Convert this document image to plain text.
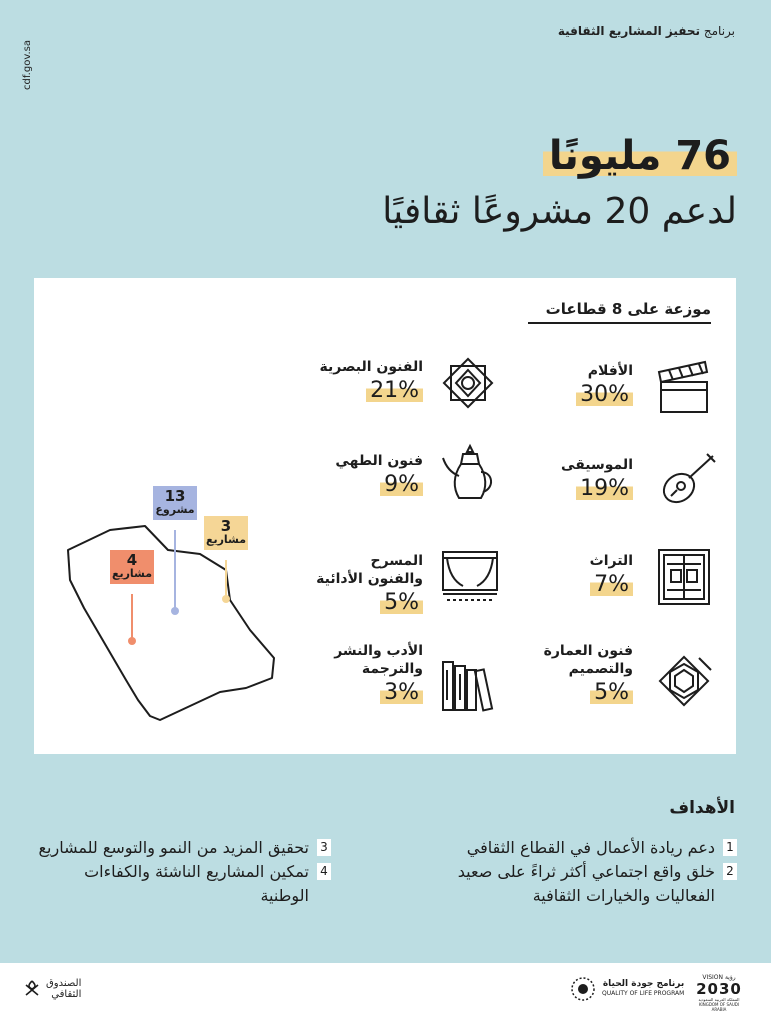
برنامج تحفيز المشاريع الثقافية
cdf.gov.sa
76 مليونًا
لدعم 20 مشروعًا ثقافيًا
موزعة على 8 قطاعات
الأفلام
30%
الفنون البصرية
21%
الموسيقى
19%
فنون الطهي
9%
التراث
7%
المسرح
والفنون الأدائية
5%
فنون العمارة
والتصميم
5%
الأدب والنشر
والترجمة
3%
13
مشروع
3
مشاريع
4
مشاريع
الأهداف
1
دعم ريادة الأعمال في القطاع الثقافي
2
خلق واقع اجتماعي أكثر ثراءً على صعيد الفعاليات والخيارات الثقافية
3
تحقيق المزيد من النمو والتوسع للمشاريع
4
تمكين المشاريع الناشئة والكفاءات الوطنية
الصندوق
الثقافي
برنامج جودة الحياة
QUALITY OF LIFE PROGRAM
VISION رؤية
2030
المملكة العربية السعودية
KINGDOM OF SAUDI ARABIA
